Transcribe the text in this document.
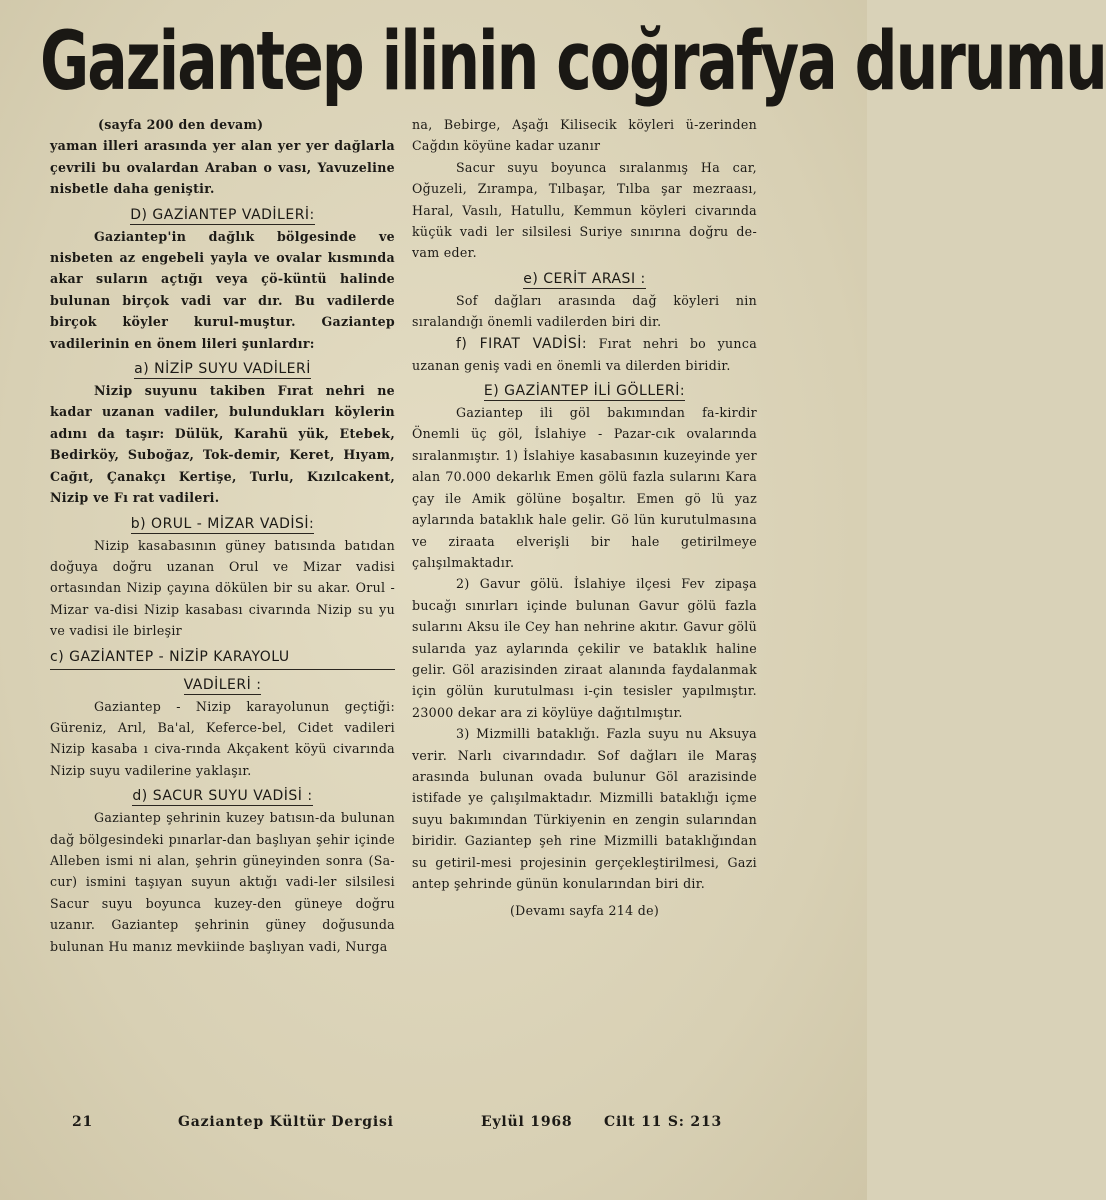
Gaziantep ilinin coğrafya durumu

(sayfa 200 den devam)

yaman illeri arasında yer alan yer yer dağlarla çevrili bu ovalardan Araban o vası, Yavuzeline nisbetle daha geniştir.

D) GAZİANTEP VADİLERİ:

Gaziantep'in dağlık bölgesinde ve nisbeten az engebeli yayla ve ovalar kısmında akar suların açtığı veya çö-küntü halinde bulunan birçok vadi var dır. Bu vadilerde birçok köyler kurul-muştur. Gaziantep vadilerinin en önem lileri şunlardır:

a) NİZİP SUYU VADİLERİ

Nizip suyunu takiben Fırat nehri ne kadar uzanan vadiler, bulundukları köylerin adını da taşır: Dülük, Karahü yük, Etebek, Bedirköy, Suboğaz, Tok-demir, Keret, Hıyam, Cağıt, Çanakçı Kertişe, Turlu, Kızılcakent, Nizip ve Fı rat vadileri.

b) ORUL - MİZAR VADİSİ:

Nizip kasabasının güney batısında batıdan doğuya doğru uzanan Orul ve Mizar vadisi ortasından Nizip çayına dökülen bir su akar. Orul - Mizar va-disi Nizip kasabası civarında Nizip su yu ve vadisi ile birleşir

c) GAZİANTEP - NİZİP KARAYOLU
VADİLERİ :

Gaziantep - Nizip karayolunun geçtiği: Güreniz, Arıl, Ba'al, Keferce-bel, Cidet vadileri Nizip kasaba ı civa-rında Akçakent köyü civarında Nizip suyu vadilerine yaklaşır.

d) SACUR SUYU VADİSİ :

Gaziantep şehrinin kuzey batısın-da bulunan dağ bölgesindeki pınarlar-dan başlıyan şehir içinde Alleben ismi ni alan, şehrin güneyinden sonra (Sa-cur) ismini taşıyan suyun aktığı vadi-ler silsilesi Sacur suyu boyunca kuzey-den güneye doğru uzanır. Gaziantep şehrinin güney doğusunda bulunan Hu manız mevkiinde başlıyan vadi, Nurga

na, Bebirge, Aşağı Kilisecik köyleri ü-zerinden Cağdın köyüne kadar uzanır

Sacur suyu boyunca sıralanmış Ha car, Oğuzeli, Zırampa, Tılbaşar, Tılba şar mezraası, Haral, Vasılı, Hatullu, Kemmun köyleri civarında küçük vadi ler silsilesi Suriye sınırına doğru de-vam eder.

e) CERİT ARASI :

Sof dağları arasında dağ köyleri nin sıralandığı önemli vadilerden biri dir.

f) FIRAT VADİSİ: Fırat nehri bo yunca uzanan geniş vadi en önemli va dilerden biridir.

E) GAZİANTEP İLİ GÖLLERİ:

Gaziantep ili göl bakımından fa-kirdir Önemli üç göl, İslahiye - Pazar-cık ovalarında sıralanmıştır. 1) İslahiye kasabasının kuzeyinde yer alan 70.000 dekarlık Emen gölü fazla sularını Kara çay ile Amik gölüne boşaltır. Emen gö lü yaz aylarında bataklık hale gelir. Gö lün kurutulmasına ve ziraata elverişli bir hale getirilmeye çalışılmaktadır.

2) Gavur gölü. İslahiye ilçesi Fev zipaşa bucağı sınırları içinde bulunan Gavur gölü fazla sularını Aksu ile Cey han nehrine akıtır. Gavur gölü sularıda yaz aylarında çekilir ve bataklık haline gelir. Göl arazisinden ziraat alanında faydalanmak için gölün kurutulması i-çin tesisler yapılmıştır. 23000 dekar ara zi köylüye dağıtılmıştır.

3) Mizmilli bataklığı. Fazla suyu nu Aksuya verir. Narlı civarındadır. Sof dağları ile Maraş arasında bulunan ovada bulunur Göl arazisinde istifade ye çalışılmaktadır. Mizmilli bataklığı içme suyu bakımından Türkiyenin en zengin sularından biridir. Gaziantep şeh rine Mizmilli bataklığından su getiril-mesi projesinin gerçekleştirilmesi, Gazi antep şehrinde günün konularından biri dir.

(Devamı sayfa 214 de)

21	Gaziantep Kültür Dergisi	Eylül 1968 Cilt 11 S: 213
